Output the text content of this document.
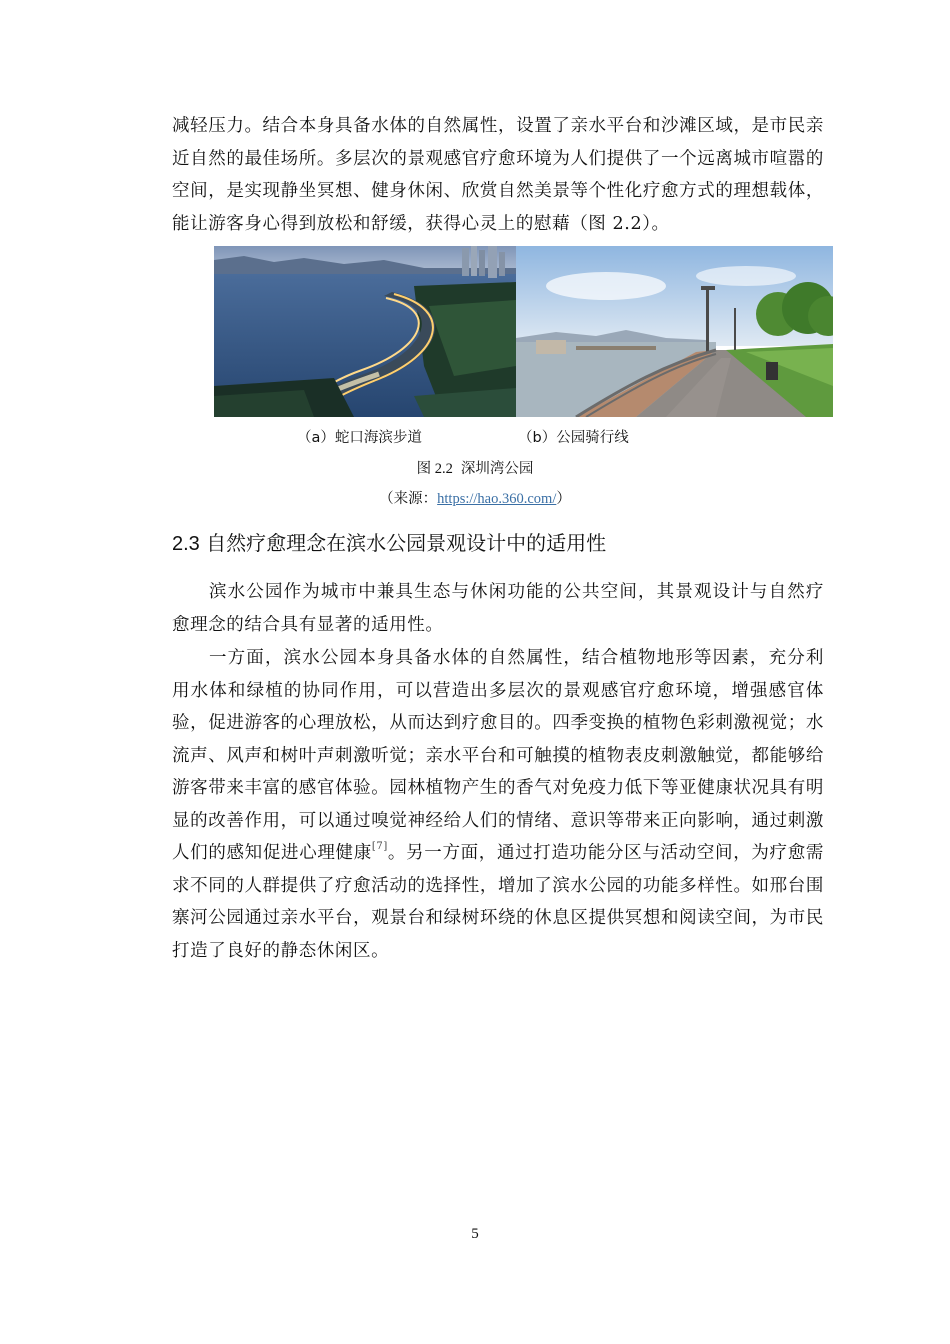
减轻压力。结合本身具备水体的自然属性，设置了亲水平台和沙滩区域，是市民亲近自然的最佳场所。多层次的景观感官疗愈环境为人们提供了一个远离城市喧嚣的空间，是实现静坐冥想、健身休闲、欣赏自然美景等个性化疗愈方式的理想载体，能让游客身心得到放松和舒缓，获得心灵上的慰藉（图 2.2）。

（a）蛇口海滨步道	（b）公园骑行线
图 2.2 深圳湾公园
（来源：https://hao.360.com/）
2.3 自然疗愈理念在滨水公园景观设计中的适用性

滨水公园作为城市中兼具生态与休闲功能的公共空间，其景观设计与自然疗愈理念的结合具有显著的适用性。

一方面，滨水公园本身具备水体的自然属性，结合植物地形等因素，充分利用水体和绿植的协同作用，可以营造出多层次的景观感官疗愈环境，增强感官体验，促进游客的心理放松，从而达到疗愈目的。四季变换的植物色彩刺激视觉；水流声、风声和树叶声刺激听觉；亲水平台和可触摸的植物表皮刺激触觉，都能够给游客带来丰富的感官体验。园林植物产生的香气对免疫力低下等亚健康状况具有明显的改善作用，可以通过嗅觉神经给人们的情绪、意识等带来正向影响，通过刺激人们的感知促进心理健康[7]。另一方面，通过打造功能分区与活动空间，为疗愈需求不同的人群提供了疗愈活动的选择性，增加了滨水公园的功能多样性。如邢台围寨河公园通过亲水平台，观景台和绿树环绕的休息区提供冥想和阅读空间，为市民打造了良好的静态休闲区。

5
